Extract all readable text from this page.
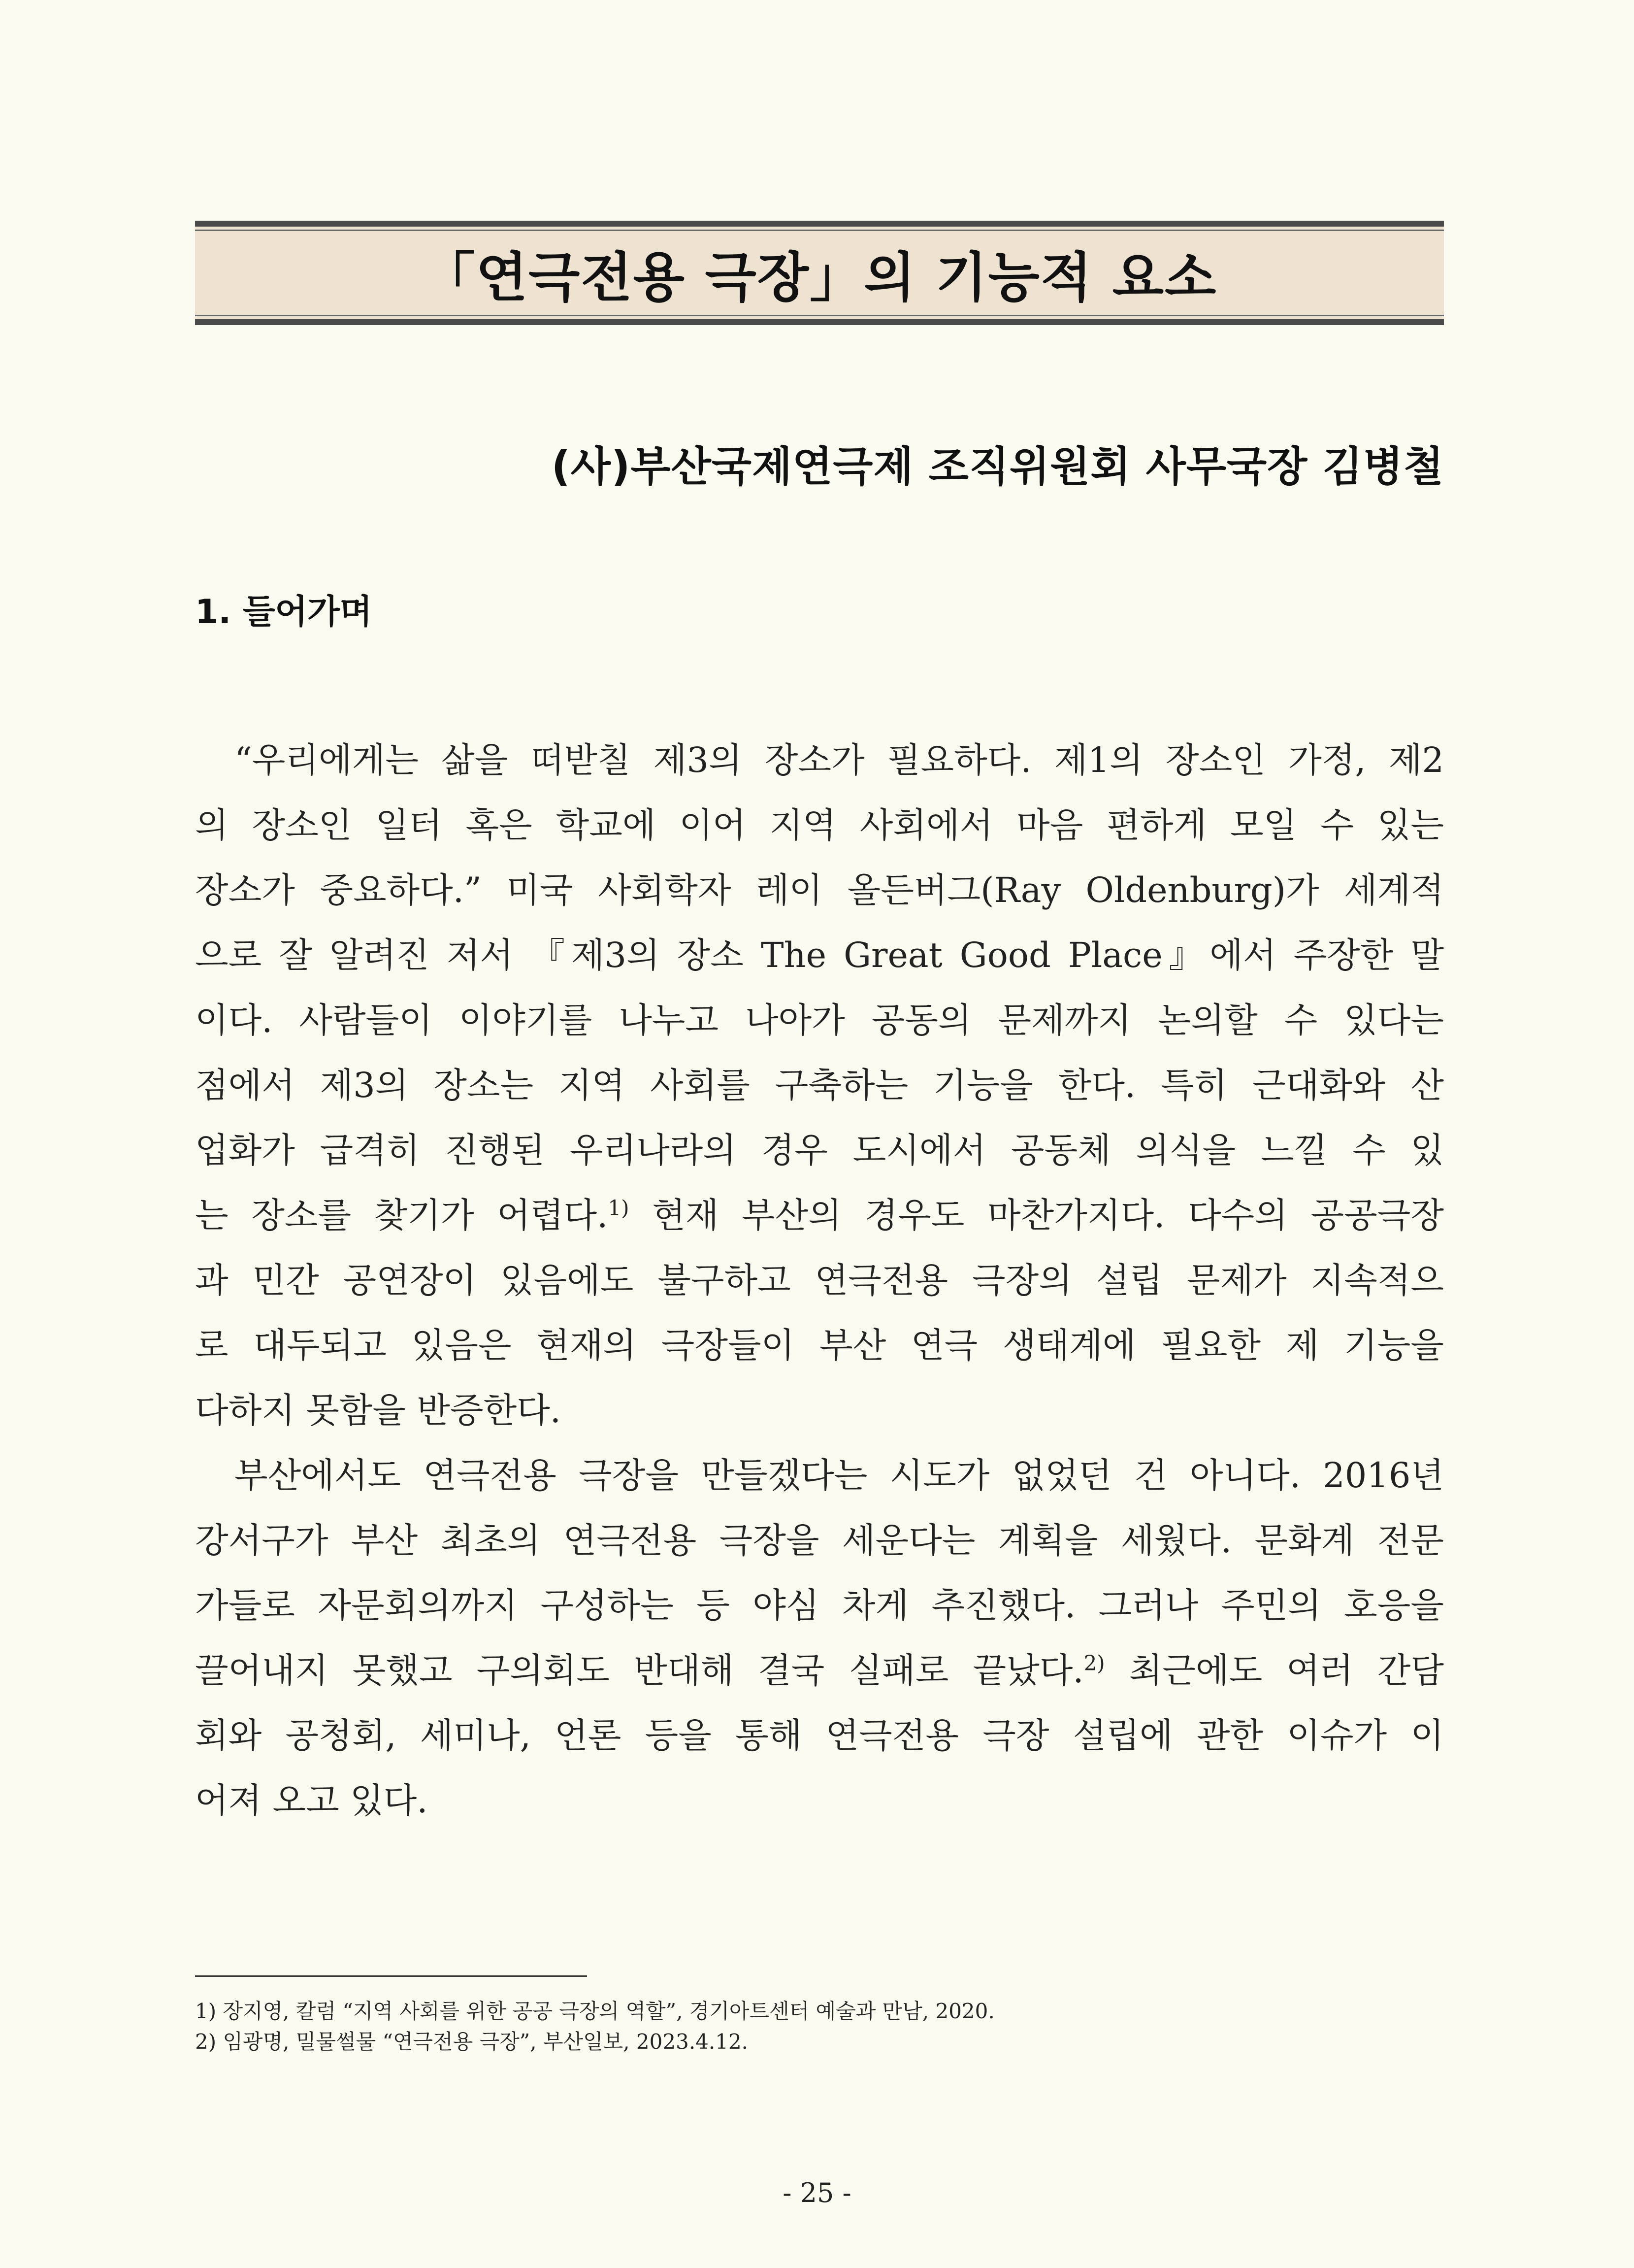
「연극전용 극장」의 기능적 요소
(사)부산국제연극제 조직위원회 사무국장 김병철
1. 들어가며
“우리에게는 삶을 떠받칠 제3의 장소가 필요하다. 제1의 장소인 가정, 제2
의 장소인 일터 혹은 학교에 이어 지역 사회에서 마음 편하게 모일 수 있는
장소가 중요하다.” 미국 사회학자 레이 올든버그(Ray Oldenburg)가 세계적
으로 잘 알려진 저서 『제3의 장소 The Great Good Place』에서 주장한 말
이다. 사람들이 이야기를 나누고 나아가 공동의 문제까지 논의할 수 있다는
점에서 제3의 장소는 지역 사회를 구축하는 기능을 한다. 특히 근대화와 산
업화가 급격히 진행된 우리나라의 경우 도시에서 공동체 의식을 느낄 수 있
는 장소를 찾기가 어렵다.$^{1)}$ 현재 부산의 경우도 마찬가지다. 다수의 공공극장
과 민간 공연장이 있음에도 불구하고 연극전용 극장의 설립 문제가 지속적으
로 대두되고 있음은 현재의 극장들이 부산 연극 생태계에 필요한 제 기능을
다하지 못함을 반증한다.
부산에서도 연극전용 극장을 만들겠다는 시도가 없었던 건 아니다. 2016년
강서구가 부산 최초의 연극전용 극장을 세운다는 계획을 세웠다. 문화계 전문
가들로 자문회의까지 구성하는 등 야심 차게 추진했다. 그러나 주민의 호응을
끌어내지 못했고 구의회도 반대해 결국 실패로 끝났다.$^{2)}$ 최근에도 여러 간담
회와 공청회, 세미나, 언론 등을 통해 연극전용 극장 설립에 관한 이슈가 이
어져 오고 있다.
1) 장지영, 칼럼 “지역 사회를 위한 공공 극장의 역할”, 경기아트센터 예술과 만남, 2020.
2) 임광명, 밀물썰물 “연극전용 극장”, 부산일보, 2023.4.12.
- 25 -
